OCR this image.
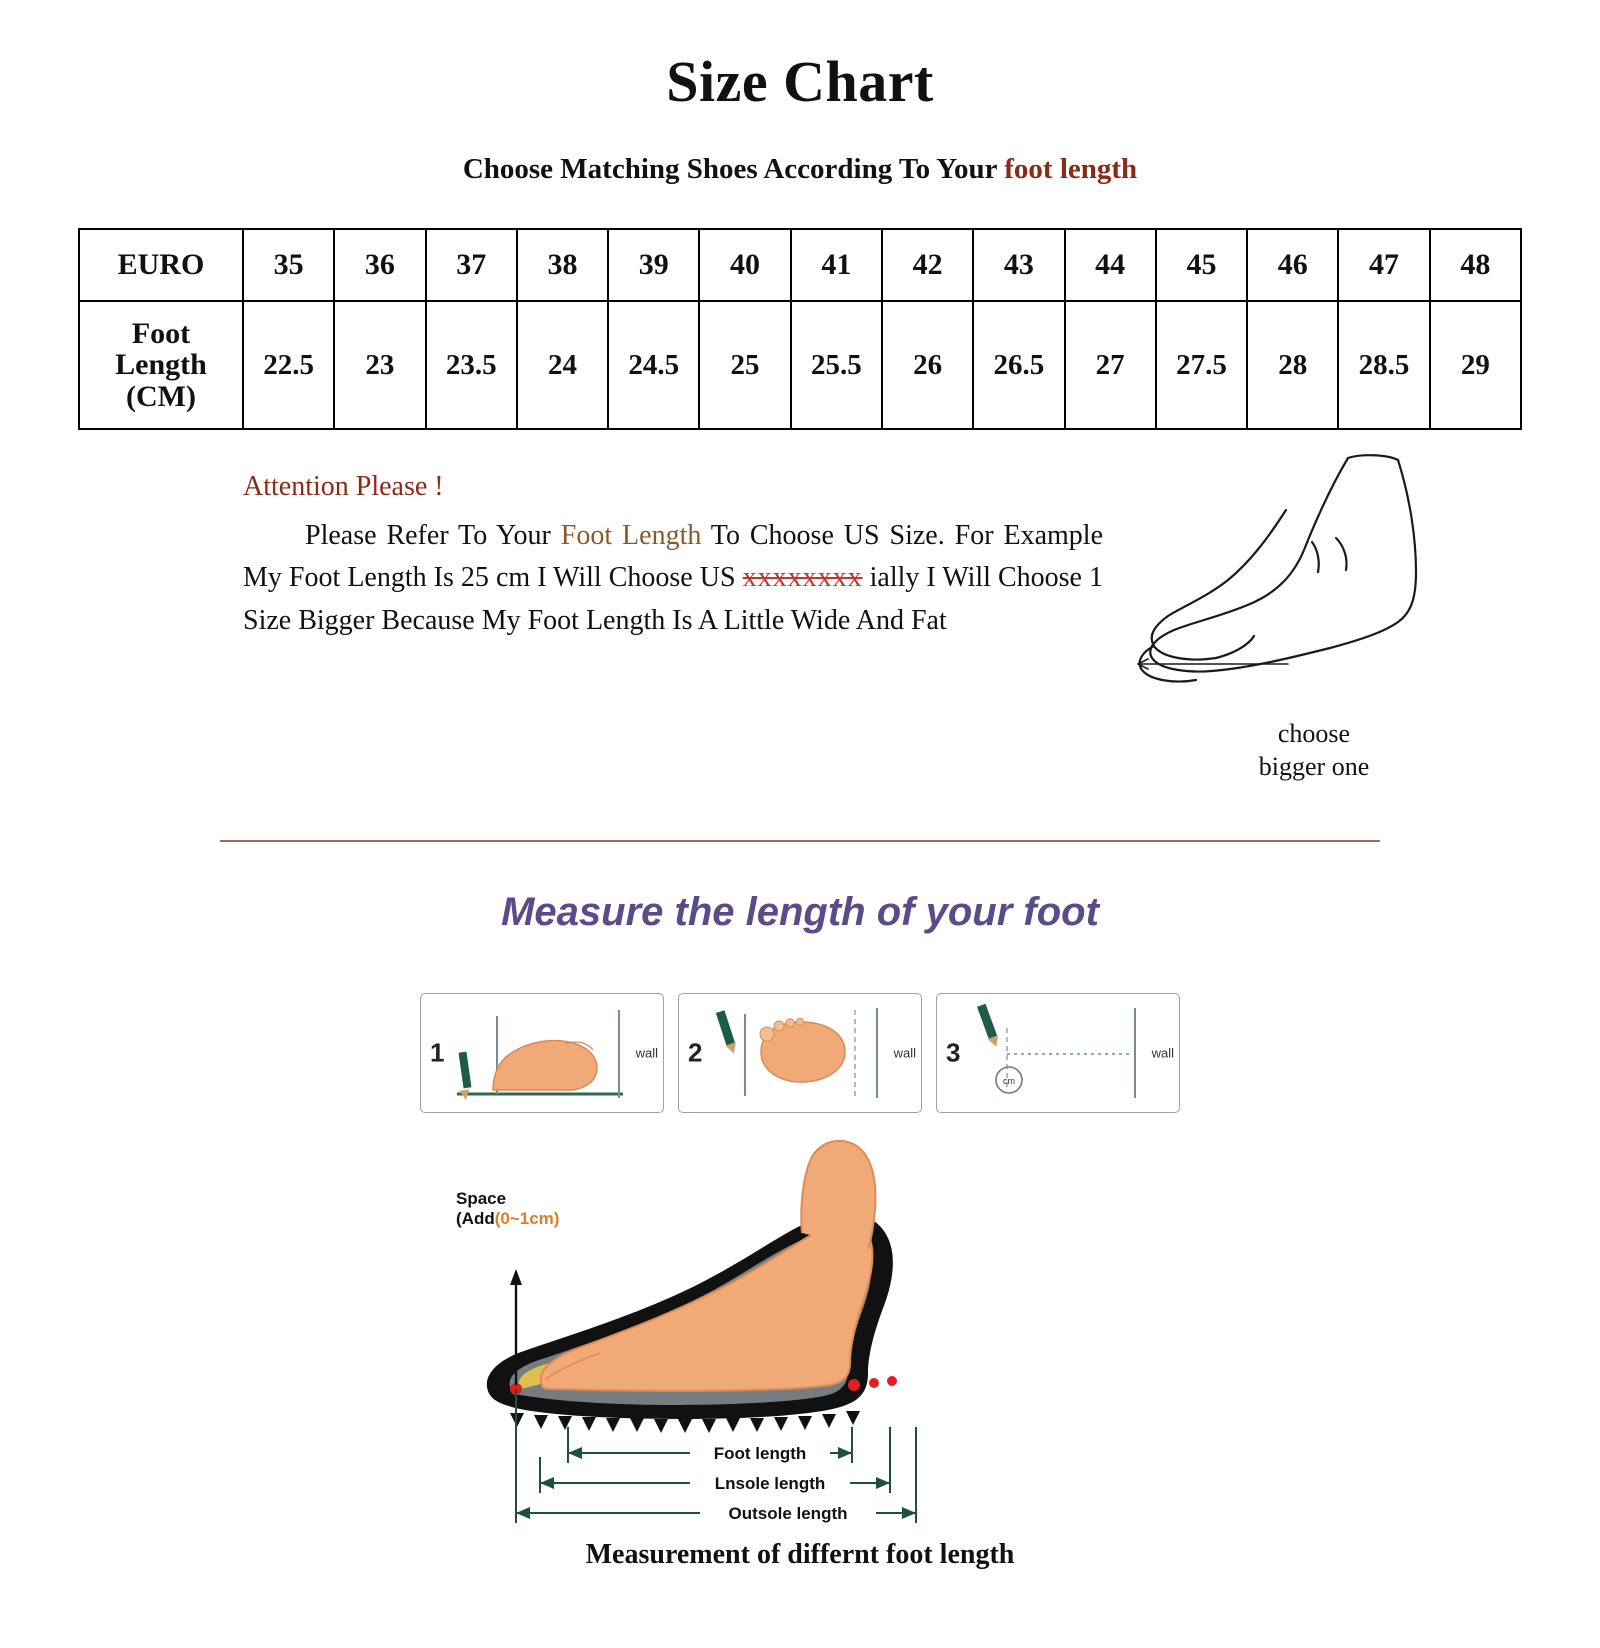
Size Chart
Choose Matching Shoes According To Your foot length
EURO	35	36	37	38	39	40	41	42	43	44	45	46	47	48

Foot
Length
(CM)	22.5	23	23.5	24	24.5	25	25.5	26	26.5	27	27.5	28	28.5	29
Attention Please !
Please Refer To Your Foot Length To Choose US Size. For Example My Foot Length Is 25 cm I Will Choose US xxxxxxxx ially I Will Choose 1 Size Bigger Because My Foot Length Is A Little Wide And Fat
choose
bigger one
Measure the length of your foot
1	wall 2	wall 3	wall
cm
Foot length
Lnsole length
Outsole length
Space
(Add(0~1cm)
Measurement of differnt foot length
